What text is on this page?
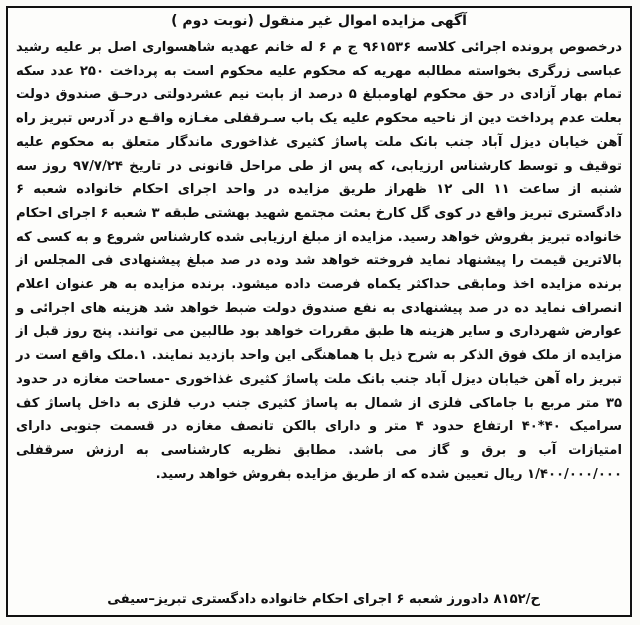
آگهی مزایده اموال غیر منقول (نوبت دوم )

درخصوص پرونده اجرائی کلاسه ۹۶۱۵۳۶ ج م ۶ له خانم عهدیه شاهسواری اصل بر علیه رشید عباسی زرگری بخواسته مطالبه مهریه که محکوم علیه محکوم است به پرداخت ۲۵۰ عدد سکه تمام بهار آزادی در حق محکوم لهاومبلغ ۵ درصد از بابت نیم عشردولتی درحـق صندوق دولت بعلت عدم پرداخت دین از ناحیه محکوم علیه یک باب سـرقفلی مغـازه واقـع در آدرس تبریز راه آهن خیابان دیزل آباد جنب بانک ملت پاساژ کثیری غذاخوری ماندگار متعلق به محکوم علیه توقیف و توسط کارشناس ارزیابی، که پس از طی مراحل قانونی در تاریخ ۹۷/۷/۲۴ روز سه شنبه از ساعت ۱۱ الی ۱۲ ظهراز طریق مزایده در واحد اجرای احکام خانواده شعبه ۶ دادگستری تبریز واقع در کوی گل کارخ بعثت مجتمع شهید بهشتی طبقه ۳ شعبه ۶ اجرای احکام خانواده تبریز بفروش خواهد رسید. مزایده از مبلغ ارزیابی شده کارشناس شروع و به کسی که بالاترین قیمت را پیشنهاد نماید فروخته خواهد شد وده در صد مبلغ پیشنهادی فی المجلس از برنده مزایده اخذ ومابقی حداکثر یکماه فرصت داده میشود. برنده مزایده به هر عنوان اعلام انصراف نماید ده در صد پیشنهادی به نفع صندوق دولت ضبط خواهد شد هزینه های اجرائی و عوارض شهرداری و سایر هزینه ها طبق مقررات خواهد بود طالبین می توانند. پنج روز قبل از مزایده از ملک فوق الذکر به شرح ذیل با هماهنگی این واحد بازدید نمایند. ۱.ملک واقع است در تبریز راه آهن خیابان دیزل آباد جنب بانک ملت پاساژ کثیری غذاخوری -مساحت مغازه در حدود ۳۵ متر مربع با جاماکی فلزی از شمال به پاساژ کثیری جنب درب فلزی به داخل پاساژ کف سرامیک ۴۰*۴۰ ارتفاع حدود ۴ متر و دارای بالکن تانصف مغازه در قسمت جنوبی دارای امتیازات آب و برق و گاز می باشد. مطابق نظریه کارشناسی به ارزش سرقفلی ۱/۴۰۰/۰۰۰/۰۰۰ ریال تعیین شده که از طریق مزایده بفروش خواهد رسید.

ح/۸۱۵۲ دادورز شعبه ۶ اجرای احکام خانواده دادگستری تبریز–سیفی
